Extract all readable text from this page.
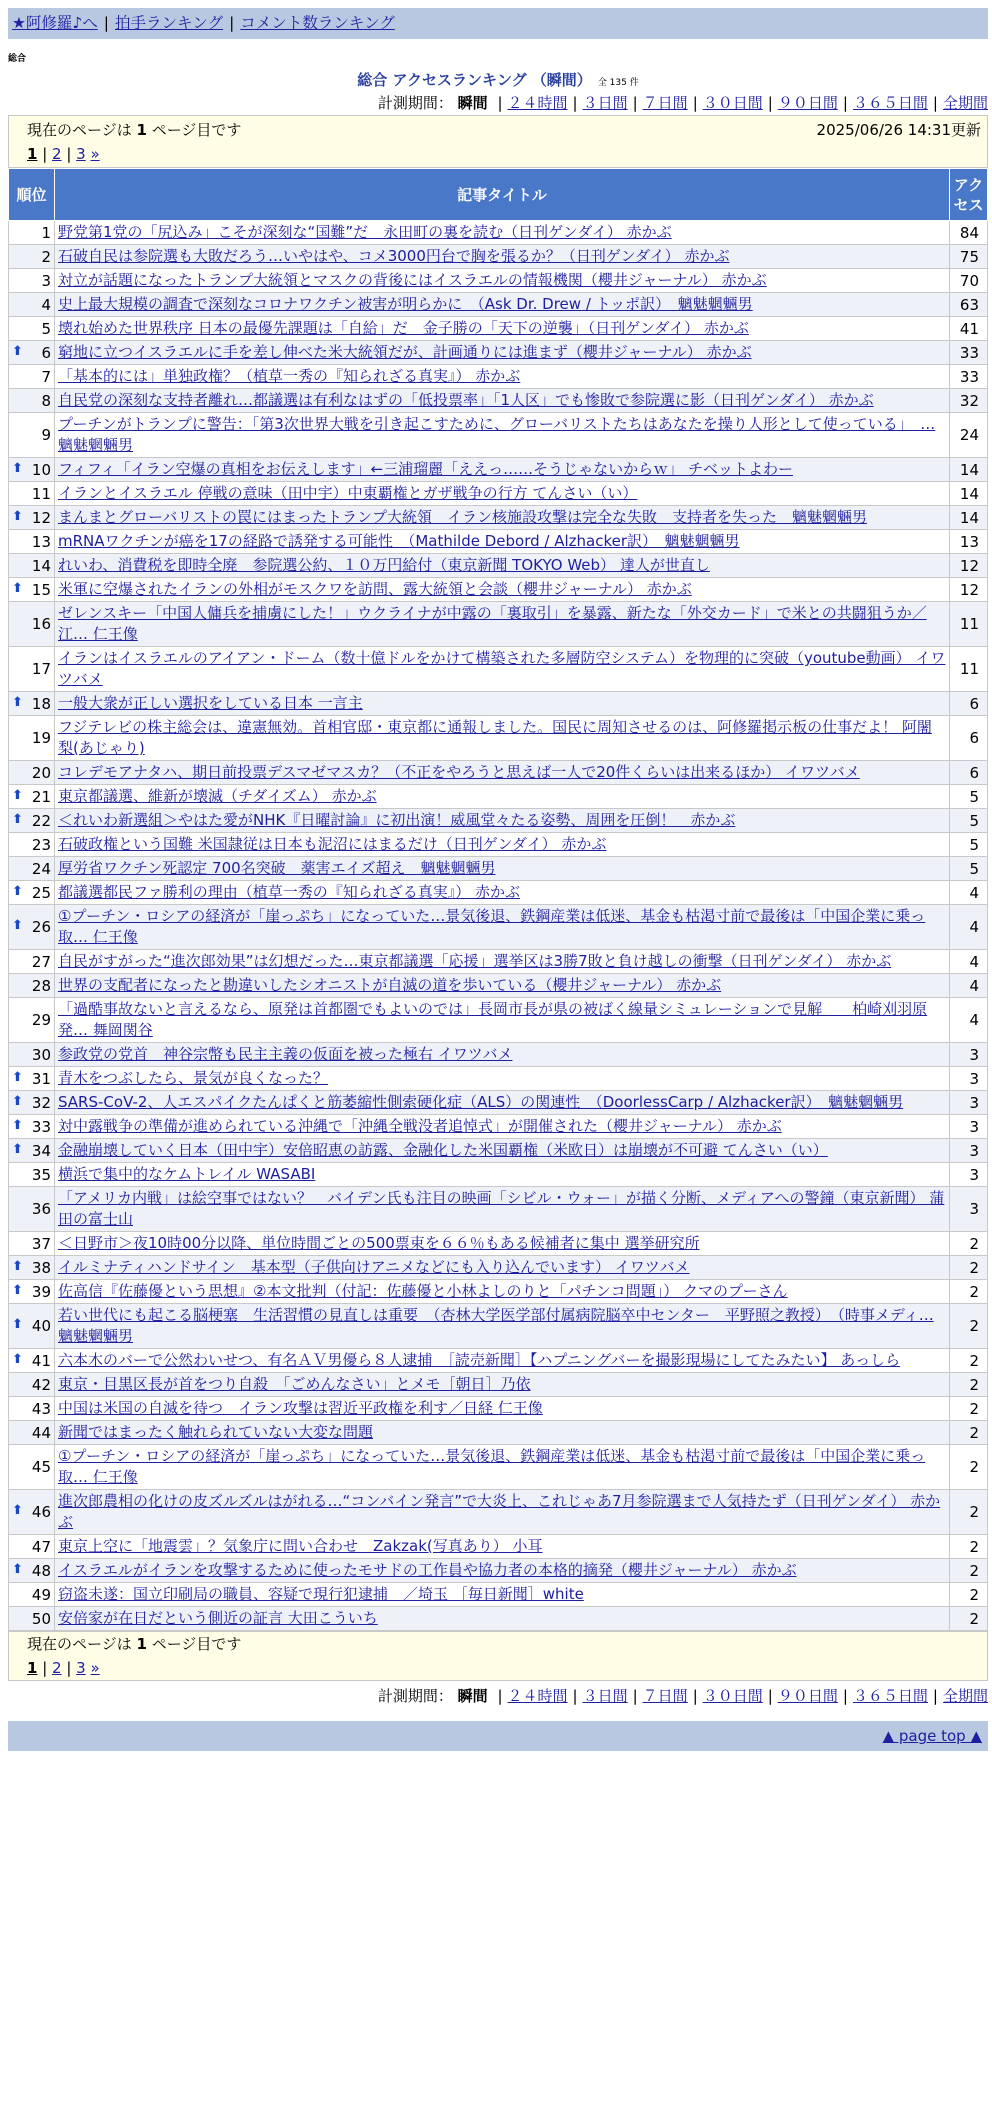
★阿修羅♪へ | 拍手ランキング | コメント数ランキング
総合
総合 アクセスランキング （瞬間） 全 135 件
計測期間： 瞬間 | ２４時間 | ３日間 | ７日間 | ３０日間 | ９０日間 | ３６５日間 | 全期間
現在のページは 1 ページ目です	2025/06/26 14:31更新
1 | 2 | 3 »
順位	記事タイトル	アクセス
1	野党第1党の「尻込み」こそが深刻な“国難”だ　永田町の裏を読む（日刊ゲンダイ） 赤かぶ	84
2	石破自民は参院選も大敗だろう…いやはや、コメ3000円台で胸を張るか？（日刊ゲンダイ） 赤かぶ	75
3	対立が話題になったトランプ大統領とマスクの背後にはイスラエルの情報機関（櫻井ジャーナル） 赤かぶ	70
4	史上最大規模の調査で深刻なコロナワクチン被害が明らかに　（Ask Dr. Drew / トッポ訳）　魑魅魍魎男	63
5	壊れ始めた世界秩序 日本の最優先課題は「自給」だ　金子勝の「天下の逆襲」（日刊ゲンダイ） 赤かぶ	41

⬆ 6	窮地に立つイスラエルに手を差し伸べた米大統領だが、計画通りには進まず（櫻井ジャーナル） 赤かぶ	33
7	「基本的には」単独政権？（植草一秀の『知られざる真実』） 赤かぶ	33
8	自民党の深刻な支持者離れ…都議選は有利なはずの「低投票率」「1人区」でも惨敗で参院選に影（日刊ゲンダイ） 赤かぶ	32
9	プーチンがトランプに警告：「第3次世界大戦を引き起こすために、グローバリストたちはあなたを操り人形として使っている」　… 魑魅魍魎男	24

⬆ 10	フィフィ「イラン空爆の真相をお伝えします」←三浦瑠麗「ええっ……そうじゃないからｗ」 チベットよわー	14
11	イランとイスラエル 停戦の意味（田中宇）中東覇権とガザ戦争の行方 てんさい（い）	14

⬆ 12	まんまとグローバリストの罠にはまったトランプ大統領　イラン核施設攻撃は完全な失敗　支持者を失った　魑魅魍魎男	14
13	mRNAワクチンが癌を17の経路で誘発する可能性　（Mathilde Debord / Alzhacker訳）　魑魅魍魎男	13
14	れいわ、消費税を即時全廃　参院選公約、１０万円給付（東京新聞 TOKYO Web） 達人が世直し	12

⬆ 15	米軍に空爆されたイランの外相がモスクワを訪問、露大統領と会談（櫻井ジャーナル） 赤かぶ	12
16	ゼレンスキー「中国人傭兵を捕虜にした！」ウクライナが中露の「裏取引」を暴露、新たな「外交カード」で米との共闘狙うか／江… 仁王像	11
17	イランはイスラエルのアイアン・ドーム（数十億ドルをかけて構築された多層防空システム）を物理的に突破（youtube動画） イワツバメ	11

⬆ 18	一般大衆が正しい選択をしている日本 一言主	6
19	フジテレビの株主総会は、違憲無効。首相官邸・東京都に通報しました。国民に周知させるのは、阿修羅掲示板の仕事だよ！ 阿闍梨(あじゃり)	6
20	コレデモアナタハ、期日前投票デスマゼマスカ？（不正をやろうと思えば一人で20件くらいは出来るほか） イワツバメ	6

⬆ 21	東京都議選、維新が壊滅（チダイズム） 赤かぶ	5

⬆ 22	＜れいわ新選組＞やはた愛がNHK『日曜討論』に初出演！威風堂々たる姿勢、周囲を圧倒！　赤かぶ	5
23	石破政権という国難 米国隷従は日本も泥沼にはまるだけ（日刊ゲンダイ） 赤かぶ	5
24	厚労省ワクチン死認定 700名突破　薬害エイズ超え　魑魅魍魎男	5

⬆ 25	都議選都民ファ勝利の理由（植草一秀の『知られざる真実』） 赤かぶ	4

⬆ 26	①プーチン・ロシアの経済が「崖っぷち」になっていた…景気後退、鉄鋼産業は低迷、基金も枯渇寸前で最後は「中国企業に乗っ取… 仁王像	4
27	自民がすがった“進次郎効果”は幻想だった…東京都議選「応援」選挙区は3勝7敗と負け越しの衝撃（日刊ゲンダイ） 赤かぶ	4
28	世界の支配者になったと勘違いしたシオニストが自滅の道を歩いている（櫻井ジャーナル） 赤かぶ	4
29	「過酷事故ないと言えるなら、原発は首都圏でもよいのでは」長岡市長が県の被ばく線量シミュレーションで見解　　柏崎刈羽原発… 舞岡関谷	4
30	参政党の党首　神谷宗幣も民主主義の仮面を被った極右 イワツバメ	3

⬆ 31	青木をつぶしたら、景気が良くなった？	3

⬆ 32	SARS-CoV-2、人エスパイクたんぱくと筋萎縮性側索硬化症（ALS）の関連性　（DoorlessCarp / Alzhacker訳）　魑魅魍魎男	3

⬆ 33	対中露戦争の準備が進められている沖縄で「沖縄全戦没者追悼式」が開催された（櫻井ジャーナル） 赤かぶ	3

⬆ 34	金融崩壊していく日本（田中宇）安倍昭恵の訪露、金融化した米国覇権（米欧日）は崩壊が不可避 てんさい（い）	3
35	横浜で集中的なケムトレイル WASABI	3
36	「アメリカ内戦」は絵空事ではない？　バイデン氏も注目の映画「シビル・ウォー」が描く分断、メディアへの警鐘（東京新聞） 蒲田の富士山	3
37	＜日野市＞夜10時00分以降、単位時間ごとの500票束を６６％もある候補者に集中 選挙研究所	2

⬆ 38	イルミナティハンドサイン　基本型（子供向けアニメなどにも入り込んでいます） イワツバメ	2

⬆ 39	佐高信『佐藤優という思想』②本文批判（付記：佐藤優と小林よしのりと「パチンコ問題」） クマのプーさん	2

⬆ 40	若い世代にも起こる脳梗塞　生活習慣の見直しは重要　（杏林大学医学部付属病院脳卒中センター　平野照之教授）　（時事メディ… 魑魅魍魎男	2

⬆ 41	六本木のバーで公然わいせつ、有名ＡＶ男優ら８人逮捕　［読売新聞］【ハプニングバーを撮影現場にしてたみたい】 あっしら	2
42	東京・目黒区長が首をつり自殺　「ごめんなさい」とメモ［朝日］乃依	2
43	中国は米国の自滅を待つ　イラン攻撃は習近平政権を利す／日経 仁王像	2
44	新聞ではまったく触れられていない大変な問題	2
45	①プーチン・ロシアの経済が「崖っぷち」になっていた…景気後退、鉄鋼産業は低迷、基金も枯渇寸前で最後は「中国企業に乗っ取… 仁王像	2

⬆ 46	進次郎農相の化けの皮ズルズルはがれる…“コンバイン発言”で大炎上、これじゃあ7月参院選まで人気持たず（日刊ゲンダイ） 赤かぶ	2
47	東京上空に「地震雲」？気象庁に問い合わせ　Zakzak(写真あり） 小耳	2

⬆ 48	イスラエルがイランを攻撃するために使ったモサドの工作員や協力者の本格的摘発（櫻井ジャーナル） 赤かぶ	2
49	窃盗未遂：国立印刷局の職員、容疑で現行犯逮捕　／埼玉 ［毎日新聞］white	2
50	安倍家が在日だという側近の証言 大田こういち	2
現在のページは 1 ページ目です
1 | 2 | 3 »
計測期間： 瞬間 | ２４時間 | ３日間 | ７日間 | ３０日間 | ９０日間 | ３６５日間 | 全期間
▲ page top ▲
